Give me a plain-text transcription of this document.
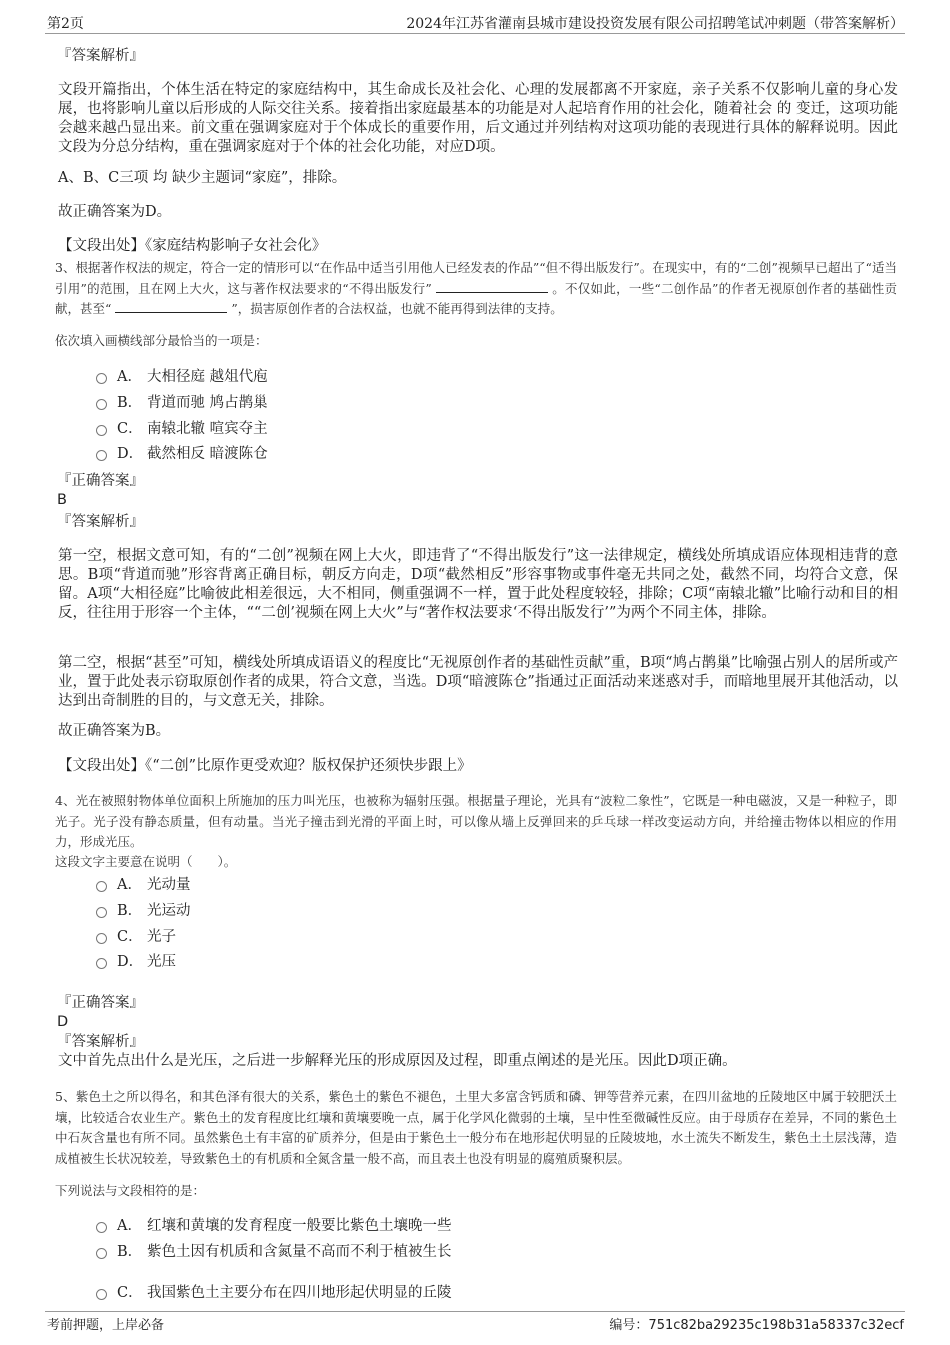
第2页	2024年江苏省灌南县城市建设投资发展有限公司招聘笔试冲刺题（带答案解析）
『答案解析』
文段开篇指出，个体生活在特定的家庭结构中，其生命成长及社会化、心理的发展都离不开家庭，亲子关系不仅影响儿童的身心发展，也将影响儿童以后形成的人际交往关系。接着指出家庭最基本的功能是对人起培育作用的社会化，随着社会 的 变迁，这项功能会越来越凸显出来。前文重在强调家庭对于个体成长的重要作用，后文通过并列结构对这项功能的表现进行具体的解释说明。因此文段为分总分结构，重在强调家庭对于个体的社会化功能，对应D项。
A、B、C三项 均 缺少主题词“家庭”，排除。
故正确答案为D。
【文段出处】《家庭结构影响子女社会化》
3、根据著作权法的规定，符合一定的情形可以“在作品中适当引用他人已经发表的作品”“但不得出版发行”。在现实中，有的“二创”视频早已超出了“适当引用”的范围，且在网上大火，这与著作权法要求的“不得出版发行”	。不仅如此，一些“二创作品”的作者无视原创作者的基础性贡献，甚至“	”，损害原创作者的合法权益，也就不能再得到法律的支持。
依次填入画横线部分最恰当的一项是：
A． 大相径庭 越俎代庖
B． 背道而驰 鸠占鹊巢
C． 南辕北辙 喧宾夺主
D． 截然相反 暗渡陈仓
『正确答案』
B
『答案解析』
第一空，根据文意可知，有的“二创”视频在网上大火，即违背了“不得出版发行”这一法律规定，横线处所填成语应体现相违背的意思。B项“背道而驰”形容背离正确目标，朝反方向走，D项“截然相反”形容事物或事件毫无共同之处，截然不同，均符合文意，保留。A项“大相径庭”比喻彼此相差很远，大不相同，侧重强调不一样，置于此处程度较轻，排除；C项“南辕北辙”比喻行动和目的相反，往往用于形容一个主体，““二创’视频在网上大火”与“著作权法要求‘不得出版发行’”为两个不同主体，排除。
第二空，根据“甚至”可知，横线处所填成语语义的程度比“无视原创作者的基础性贡献”重，B项“鸠占鹊巢”比喻强占别人的居所或产业，置于此处表示窃取原创作者的成果，符合文意，当选。D项“暗渡陈仓”指通过正面活动来迷惑对手，而暗地里展开其他活动，以达到出奇制胜的目的，与文意无关，排除。
故正确答案为B。
【文段出处】《“二创”比原作更受欢迎？版权保护还须快步跟上》
4、光在被照射物体单位面积上所施加的压力叫光压，也被称为辐射压强。根据量子理论，光具有“波粒二象性”，它既是一种电磁波，又是一种粒子，即光子。光子没有静态质量，但有动量。当光子撞击到光滑的平面上时，可以像从墙上反弹回来的乒乓球一样改变运动方向，并给撞击物体以相应的作用力，形成光压。
这段文字主要意在说明（　　）。
A． 光动量
B． 光运动
C． 光子
D． 光压
『正确答案』
D
『答案解析』
文中首先点出什么是光压，之后进一步解释光压的形成原因及过程，即重点阐述的是光压。因此D项正确。
5、紫色土之所以得名，和其色泽有很大的关系，紫色土的紫色不褪色，土里大多富含钙质和磷、钾等营养元素，在四川盆地的丘陵地区中属于较肥沃土壤，比较适合农业生产。紫色土的发育程度比红壤和黄壤要晚一点，属于化学风化微弱的土壤，呈中性至微碱性反应。由于母质存在差异，不同的紫色土中石灰含量也有所不同。虽然紫色土有丰富的矿质养分，但是由于紫色土一般分布在地形起伏明显的丘陵坡地，水土流失不断发生，紫色土土层浅薄，造成植被生长状况较差，导致紫色土的有机质和全氮含量一般不高，而且表土也没有明显的腐殖质聚积层。
下列说法与文段相符的是：
A． 红壤和黄壤的发育程度一般要比紫色土壤晚一些
B． 紫色土因有机质和含氮量不高而不利于植被生长
C． 我国紫色土主要分布在四川地形起伏明显的丘陵
考前押题，上岸必备	编号：751c82ba29235c198b31a58337c32ecf
